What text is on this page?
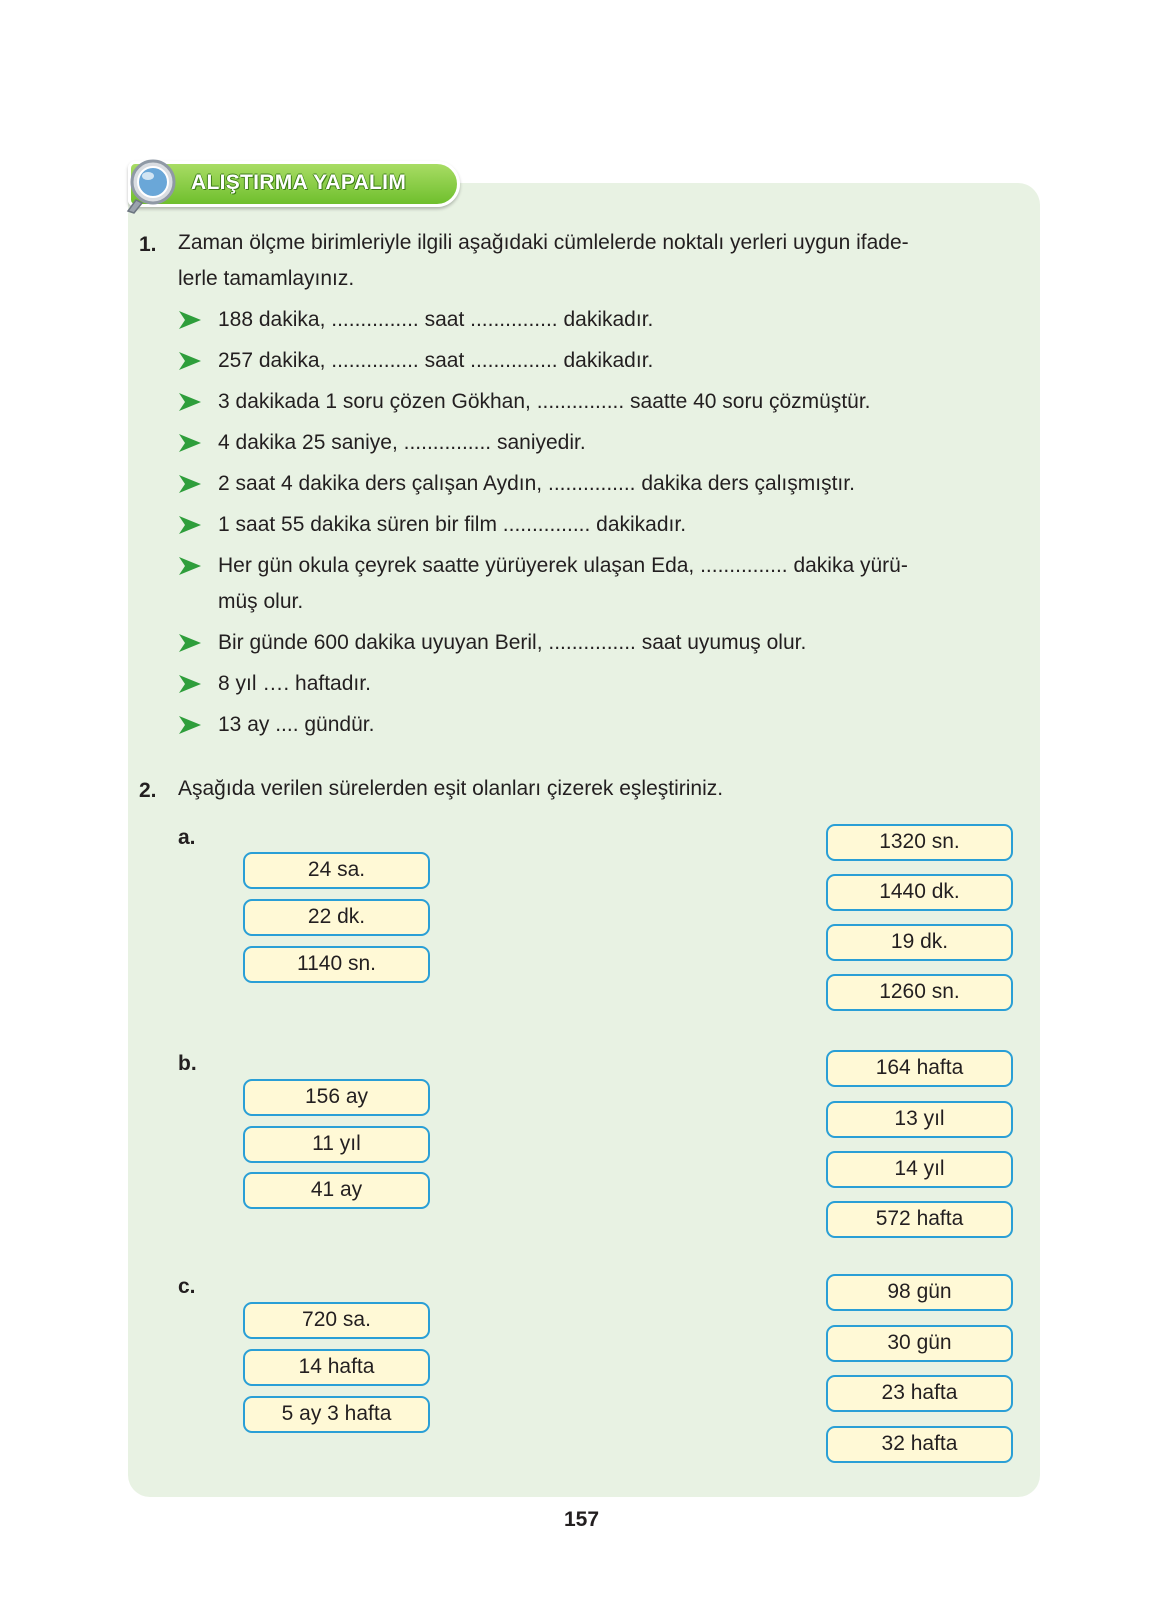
ALIŞTIRMA YAPALIM
1. Zaman ölçme birimleriyle ilgili aşağıdaki cümlelerde noktalı yerleri uygun ifade-
lerle tamamlayınız.
188 dakika, ............... saat ............... dakikadır.
257 dakika, ............... saat ............... dakikadır.
3 dakikada 1 soru çözen Gökhan, ............... saatte 40 soru çözmüştür.
4 dakika 25 saniye, ............... saniyedir.
2 saat 4 dakika ders çalışan Aydın, ............... dakika ders çalışmıştır.
1 saat 55 dakika süren bir film ............... dakikadır.
Her gün okula çeyrek saatte yürüyerek ulaşan Eda, ............... dakika yürü-
müş olur.
Bir günde 600 dakika uyuyan Beril, ............... saat uyumuş olur.
8 yıl …. haftadır.
13 ay .... gündür.
2. Aşağıda verilen sürelerden eşit olanları çizerek eşleştiriniz.
a.
24 sa.
22 dk.
1140 sn.
1320 sn.
1440 dk.
19 dk.
1260 sn.
b.
156 ay
11 yıl
41 ay
164 hafta
13 yıl
14 yıl
572 hafta
c.
720 sa.
14 hafta
5 ay 3 hafta
98 gün
30 gün
23 hafta
32 hafta
157
